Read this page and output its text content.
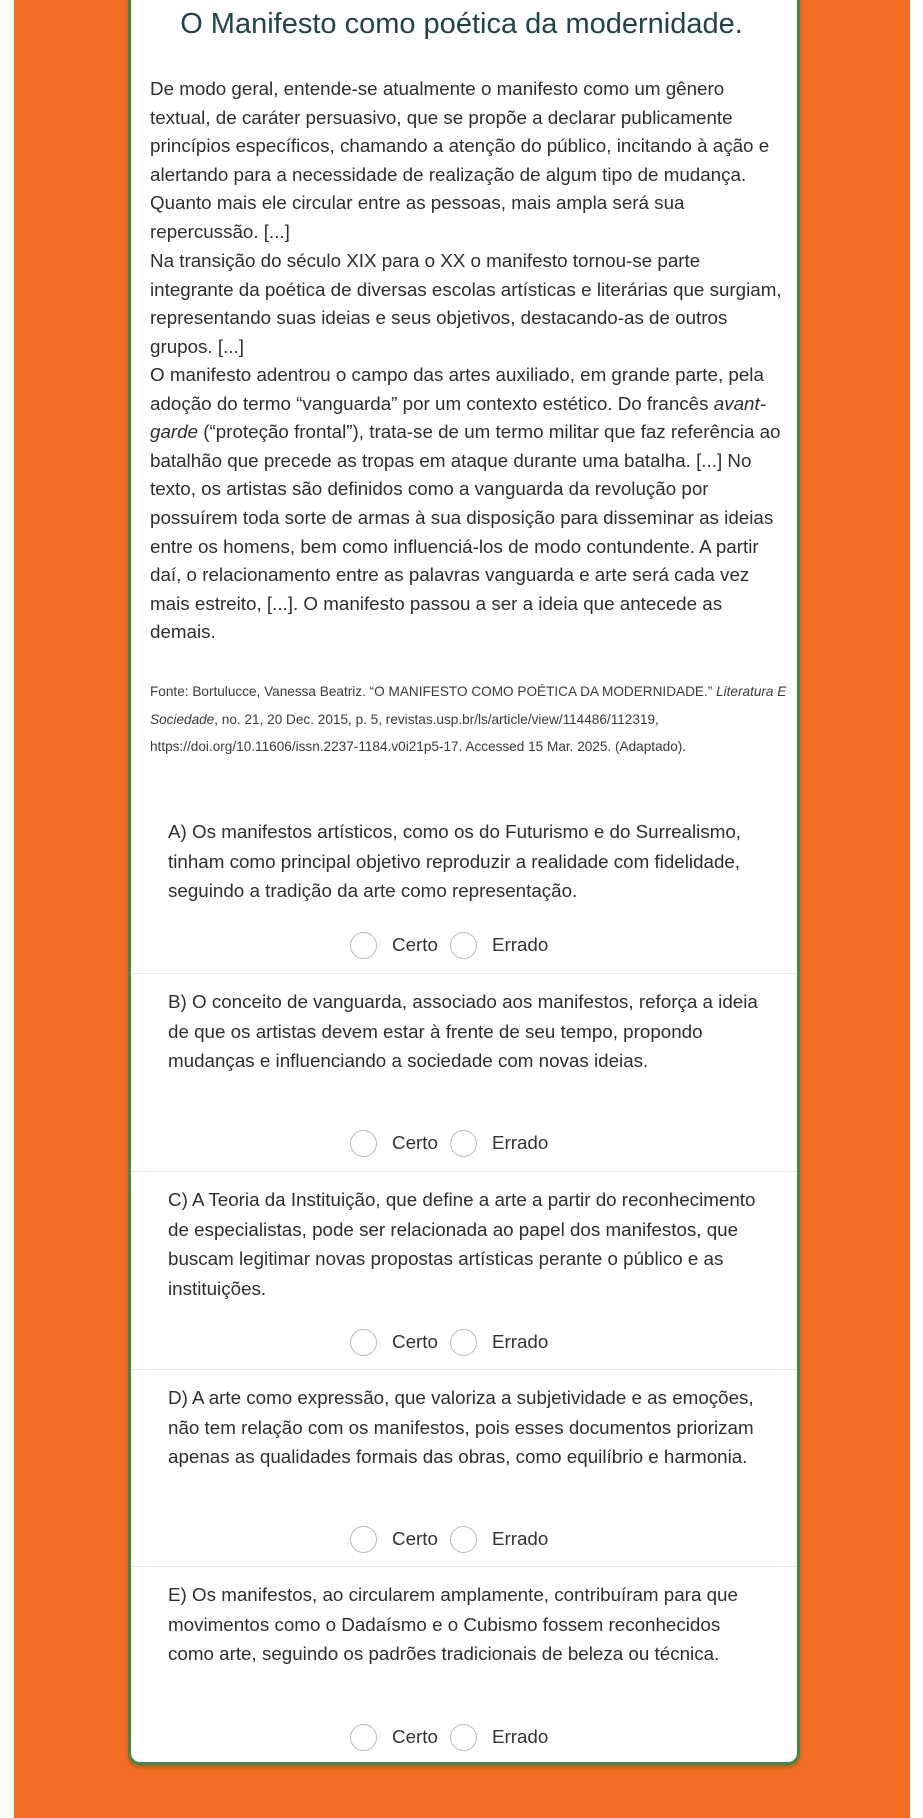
O Manifesto como poética da modernidade.

De modo geral, entende-se atualmente o manifesto como um gênero textual, de caráter persuasivo, que se propõe a declarar publicamente princípios específicos, chamando a atenção do público, incitando à ação e alertando para a necessidade de realização de algum tipo de mudança. Quanto mais ele circular entre as pessoas, mais ampla será sua repercussão. [...]

Na transição do século XIX para o XX o manifesto tornou-se parte integrante da poética de diversas escolas artísticas e literárias que surgiam, representando suas ideias e seus objetivos, destacando-as de outros grupos. [...]

O manifesto adentrou o campo das artes auxiliado, em grande parte, pela adoção do termo “vanguarda” por um contexto estético. Do francês avant-garde (“proteção frontal”), trata-se de um termo militar que faz referência ao batalhão que precede as tropas em ataque durante uma batalha. [...] No texto, os artistas são definidos como a vanguarda da revolução por possuírem toda sorte de armas à sua disposição para disseminar as ideias entre os homens, bem como influenciá-los de modo contundente. A partir daí, o relacionamento entre as palavras vanguarda e arte será cada vez mais estreito, [...]. O manifesto passou a ser a ideia que antecede as demais.

Fonte: Bortulucce, Vanessa Beatriz. “O MANIFESTO COMO POÉTICA DA MODERNIDADE.” Literatura E Sociedade, no. 21, 20 Dec. 2015, p. 5, revistas.usp.br/ls/article/view/114486/112319, https://doi.org/10.11606/issn.2237-1184.v0i21p5-17. Accessed 15 Mar. 2025. (Adaptado).

A) Os manifestos artísticos, como os do Futurismo e do Surrealismo, tinham como principal objetivo reproduzir a realidade com fidelidade, seguindo a tradição da arte como representação.

Certo	Errado

B) O conceito de vanguarda, associado aos manifestos, reforça a ideia de que os artistas devem estar à frente de seu tempo, propondo mudanças e influenciando a sociedade com novas ideias.

Certo	Errado

C) A Teoria da Instituição, que define a arte a partir do reconhecimento de especialistas, pode ser relacionada ao papel dos manifestos, que buscam legitimar novas propostas artísticas perante o público e as instituições.

Certo	Errado

D) A arte como expressão, que valoriza a subjetividade e as emoções, não tem relação com os manifestos, pois esses documentos priorizam apenas as qualidades formais das obras, como equilíbrio e harmonia.

Certo	Errado

E) Os manifestos, ao circularem amplamente, contribuíram para que movimentos como o Dadaísmo e o Cubismo fossem reconhecidos como arte, seguindo os padrões tradicionais de beleza ou técnica.

Certo	Errado
